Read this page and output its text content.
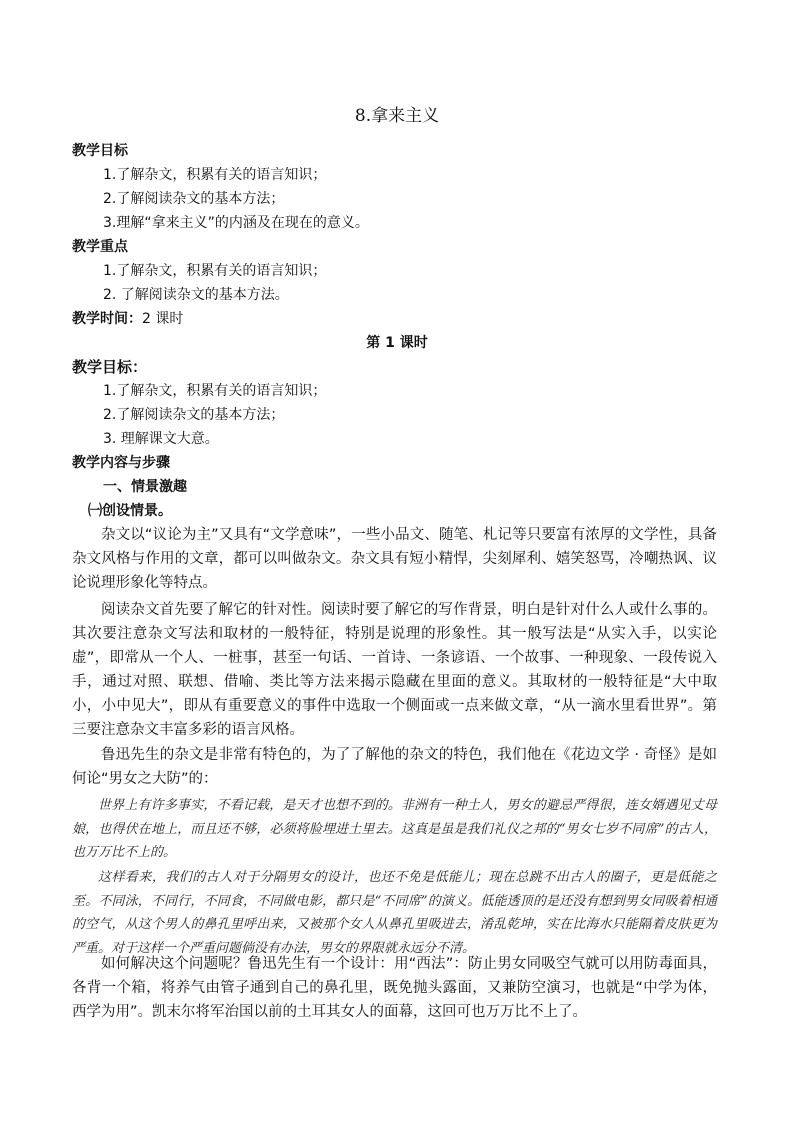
8.拿来主义
教学目标
1.了解杂文，积累有关的语言知识；
2.了解阅读杂文的基本方法；
3.理解“拿来主义”的内涵及在现在的意义。
教学重点
1.了解杂文，积累有关的语言知识；
2. 了解阅读杂文的基本方法。
教学时间：2 课时
第 1 课时
教学目标：
1.了解杂文，积累有关的语言知识；
2.了解阅读杂文的基本方法；
3. 理解课文大意。
教学内容与步骤
一、情景激趣
㈠创设情景。

杂文以“议论为主”又具有“文学意味”，一些小品文、随笔、札记等只要富有浓厚的文学性，具备杂文风格与作用的文章，都可以叫做杂文。杂文具有短小精悍，尖刻犀利、嬉笑怒骂，冷嘲热讽、议论说理形象化等特点。

阅读杂文首先要了解它的针对性。阅读时要了解它的写作背景，明白是针对什么人或什么事的。其次要注意杂文写法和取材的一般特征，特别是说理的形象性。其一般写法是“从实入手，以实论虚”，即常从一个人、一桩事，甚至一句话、一首诗、一条谚语、一个故事、一种现象、一段传说入手，通过对照、联想、借喻、类比等方法来揭示隐藏在里面的意义。其取材的一般特征是“大中取小，小中见大”，即从有重要意义的事件中选取一个侧面或一点来做文章，“从一滴水里看世界”。第三要注意杂文丰富多彩的语言风格。

鲁迅先生的杂文是非常有特色的，为了了解他的杂文的特色，我们他在《花边文学 · 奇怪》是如何论“男女之大防”的：

世界上有许多事实，不看记载，是天才也想不到的。非洲有一种土人，男女的避忌严得很，连女婿遇见丈母娘，也得伏在地上，而且还不够，必须将脸埋进土里去。这真是虽是我们礼仪之邦的“男女七岁不同席”的古人，也万万比不上的。

这样看来，我们的古人对于分隔男女的设计，也还不免是低能儿；现在总跳不出古人的圈子，更是低能之至。不同泳，不同行，不同食，不同做电影，都只是“不同席”的演义。低能透顶的是还没有想到男女同吸着相通的空气，从这个男人的鼻孔里呼出来，又被那个女人从鼻孔里吸进去，淆乱乾坤，实在比海水只能隔着皮肤更为严重。对于这样一个严重问题倘没有办法，男女的界限就永远分不清。

如何解决这个问题呢？鲁迅先生有一个设计：用“西法”：防止男女同吸空气就可以用防毒面具，各背一个箱，将养气由管子通到自己的鼻孔里，既免抛头露面，又兼防空演习，也就是“中学为体，西学为用”。凯末尔将军治国以前的土耳其女人的面幕，这回可也万万比不上了。
